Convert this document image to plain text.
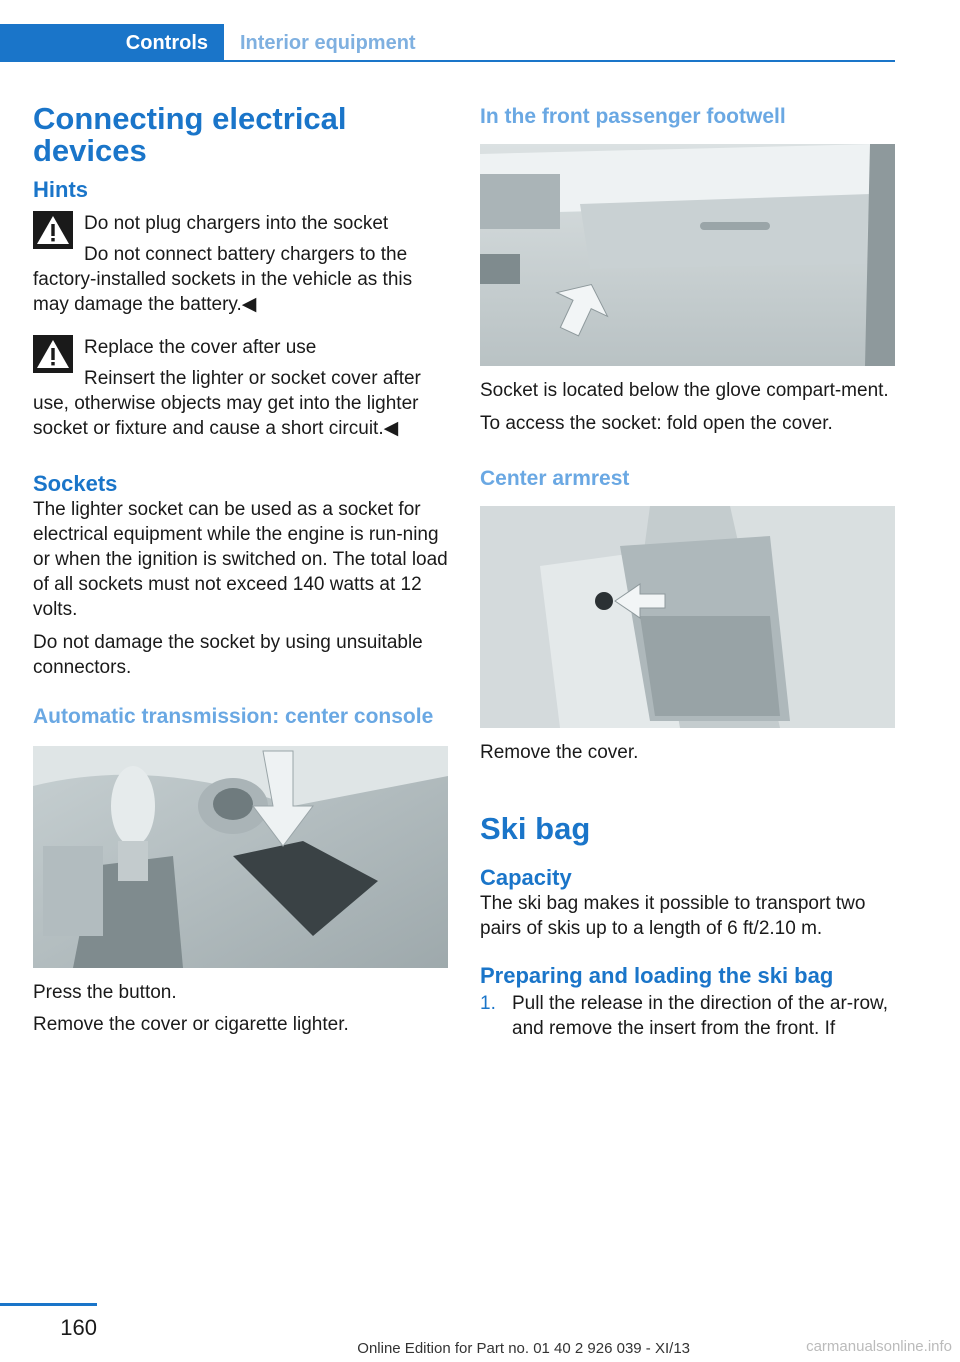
Controls	Interior equipment
Connecting electrical devices
Hints
Do not plug chargers into the socket
Do not connect battery chargers to the factory-installed sockets in the vehicle as this may damage the battery.◀
Replace the cover after use
Reinsert the lighter or socket cover after use, otherwise objects may get into the lighter socket or fixture and cause a short circuit.◀
Sockets
The lighter socket can be used as a socket for electrical equipment while the engine is run-ning or when the ignition is switched on. The total load of all sockets must not exceed 140 watts at 12 volts.
Do not damage the socket by using unsuitable connectors.
Automatic transmission: center console
Press the button.
Remove the cover or cigarette lighter.
In the front passenger footwell
Socket is located below the glove compart-ment.
To access the socket: fold open the cover.
Center armrest
Remove the cover.
Ski bag
Capacity
The ski bag makes it possible to transport two pairs of skis up to a length of 6 ft/2.10 m.
Preparing and loading the ski bag
1. Pull the release in the direction of the ar-row, and remove the insert from the front. If
160
Online Edition for Part no. 01 40 2 926 039 - XI/13	carmanualsonline.info
